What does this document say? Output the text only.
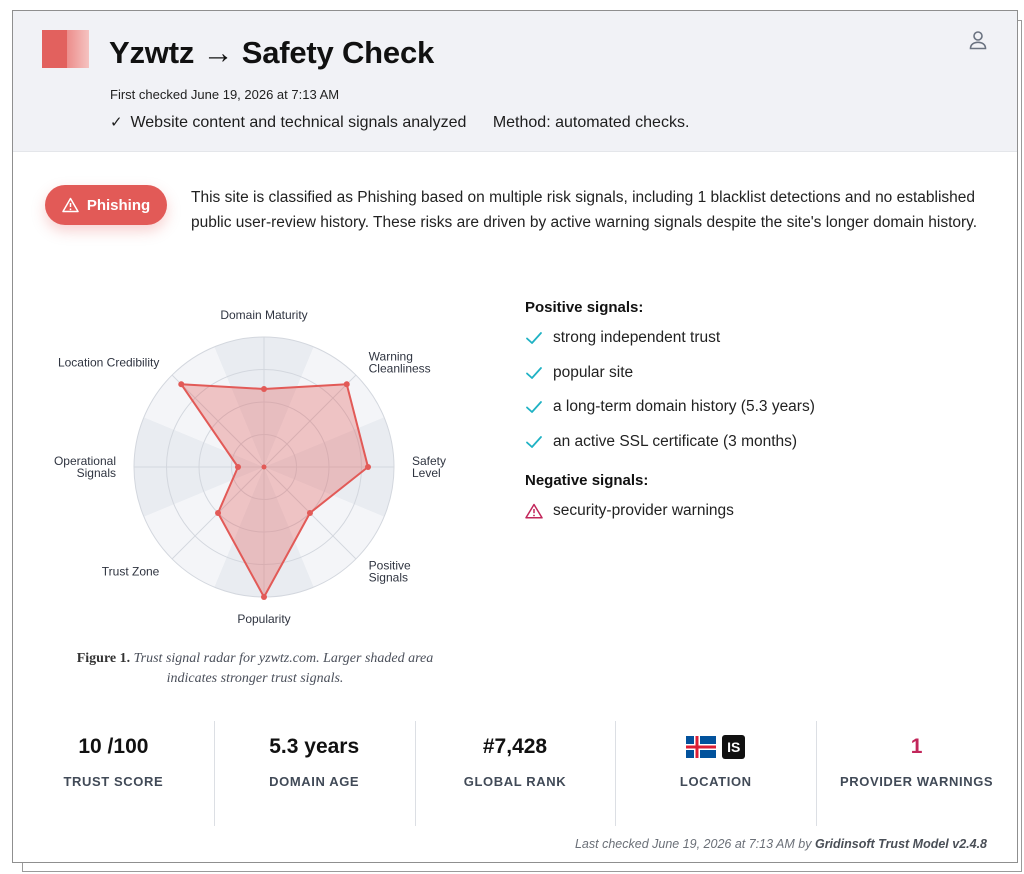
Yzwtz → Safety Check
First checked June 19, 2026 at 7:13 AM
✓ Website content and technical signals analyzed Method: automated checks.
Phishing	This site is classified as Phishing based on multiple risk signals, including 1 blacklist detections and no established public user-review history. These risks are driven by active warning signals despite the site's longer domain history.
Domain Maturity
Warning Cleanliness
Safety Level
Positive Signals
Popularity
Trust Zone
Operational Signals
Location Credibility
Figure 1. Trust signal radar for yzwtz.com. Larger shaded area indicates stronger trust signals.
Positive signals:
strong independent trust
popular site
a long-term domain history (5.3 years)
an active SSL certificate (3 months)
Negative signals:
security-provider warnings
10 /100
TRUST SCORE
5.3 years
DOMAIN AGE
#7,428
GLOBAL RANK
IS
LOCATION
1
PROVIDER WARNINGS
Last checked June 19, 2026 at 7:13 AM by Gridinsoft Trust Model v2.4.8
